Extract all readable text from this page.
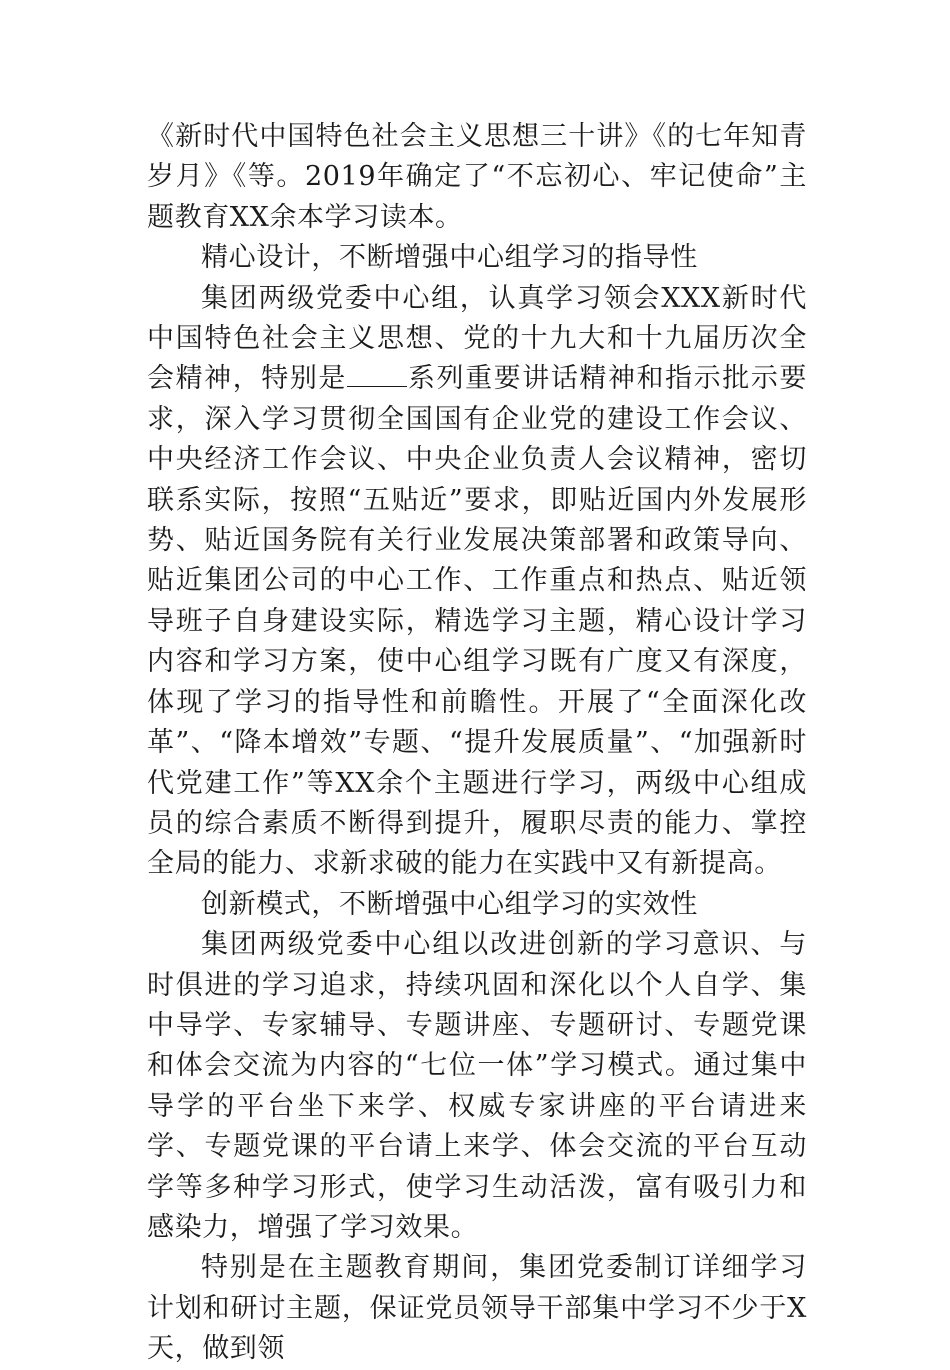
《新时代中国特色社会主义思想三十讲》《的七年知青岁月》《等。2019年确定了“不忘初心、牢记使命”主题教育XX余本学习读本。

精心设计，不断增强中心组学习的指导性

集团两级党委中心组，认真学习领会XXX新时代中国特色社会主义思想、党的十九大和十九届历次全会精神，特别是 系列重要讲话精神和指示批示要求，深入学习贯彻全国国有企业党的建设工作会议、中央经济工作会议、中央企业负责人会议精神，密切联系实际，按照“五贴近”要求，即贴近国内外发展形势、贴近国务院有关行业发展决策部署和政策导向、贴近集团公司的中心工作、工作重点和热点、贴近领导班子自身建设实际，精选学习主题，精心设计学习内容和学习方案，使中心组学习既有广度又有深度，体现了学习的指导性和前瞻性。开展了“全面深化改革”、“降本增效”专题、“提升发展质量”、“加强新时代党建工作”等XX余个主题进行学习，两级中心组成员的综合素质不断得到提升，履职尽责的能力、掌控全局的能力、求新求破的能力在实践中又有新提高。

创新模式，不断增强中心组学习的实效性

集团两级党委中心组以改进创新的学习意识、与时俱进的学习追求，持续巩固和深化以个人自学、集中导学、专家辅导、专题讲座、专题研讨、专题党课和体会交流为内容的“七位一体”学习模式。通过集中导学的平台坐下来学、权威专家讲座的平台请进来学、专题党课的平台请上来学、体会交流的平台互动学等多种学习形式，使学习生动活泼，富有吸引力和感染力，增强了学习效果。

特别是在主题教育期间，集团党委制订详细学习计划和研讨主题，保证党员领导干部集中学习不少于X天，做到领
